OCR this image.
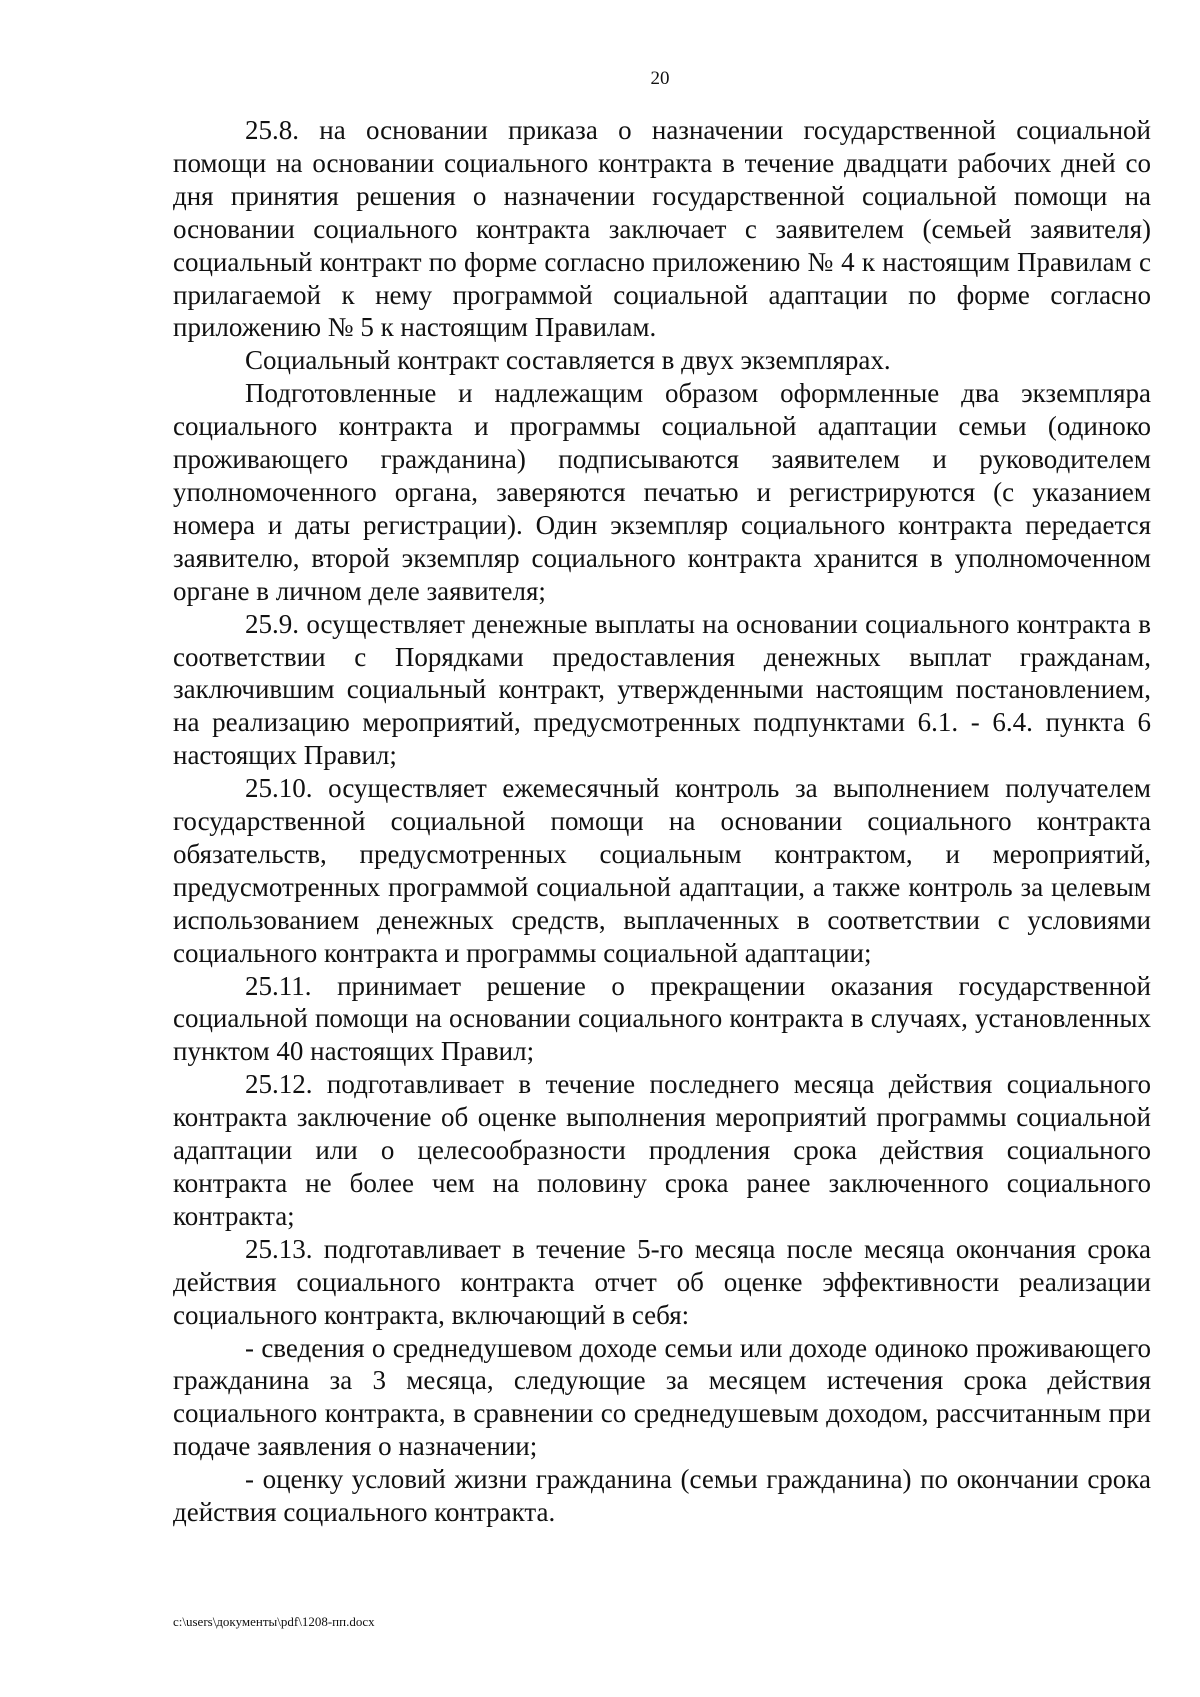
20

25.8. на основании приказа о назначении государственной социальной помощи на основании социального контракта в течение двадцати рабочих дней со дня принятия решения о назначении государственной социальной помощи на основании социального контракта заключает с заявителем (семьей заявителя) социальный контракт по форме согласно приложению № 4 к настоящим Правилам с прилагаемой к нему программой социальной адаптации по форме согласно приложению № 5 к настоящим Правилам.

Социальный контракт составляется в двух экземплярах.

Подготовленные и надлежащим образом оформленные два экземпляра социального контракта и программы социальной адаптации семьи (одиноко проживающего гражданина) подписываются заявителем и руководителем уполномоченного органа, заверяются печатью и регистрируются (с указанием номера и даты регистрации). Один экземпляр социального контракта передается заявителю, второй экземпляр социального контракта хранится в уполномоченном органе в личном деле заявителя;

25.9. осуществляет денежные выплаты на основании социального контракта в соответствии с Порядками предоставления денежных выплат гражданам, заключившим социальный контракт, утвержденными настоящим постановлением, на реализацию мероприятий, предусмотренных подпунктами 6.1. - 6.4. пункта 6 настоящих Правил;

25.10. осуществляет ежемесячный контроль за выполнением получателем государственной социальной помощи на основании социального контракта обязательств, предусмотренных социальным контрактом, и мероприятий, предусмотренных программой социальной адаптации, а также контроль за целевым использованием денежных средств, выплаченных в соответствии с условиями социального контракта и программы социальной адаптации;

25.11. принимает решение о прекращении оказания государственной социальной помощи на основании социального контракта в случаях, установленных пунктом 40 настоящих Правил;

25.12. подготавливает в течение последнего месяца действия социального контракта заключение об оценке выполнения мероприятий программы социальной адаптации или о целесообразности продления срока действия социального контракта не более чем на половину срока ранее заключенного социального контракта;

25.13. подготавливает в течение 5-го месяца после месяца окончания срока действия социального контракта отчет об оценке эффективности реализации социального контракта, включающий в себя:

- сведения о среднедушевом доходе семьи или доходе одиноко проживающего гражданина за 3 месяца, следующие за месяцем истечения срока действия социального контракта, в сравнении со среднедушевым доходом, рассчитанным при подаче заявления о назначении;

- оценку условий жизни гражданина (семьи гражданина) по окончании срока действия социального контракта.

c:\users\документы\pdf\1208-пп.docx
